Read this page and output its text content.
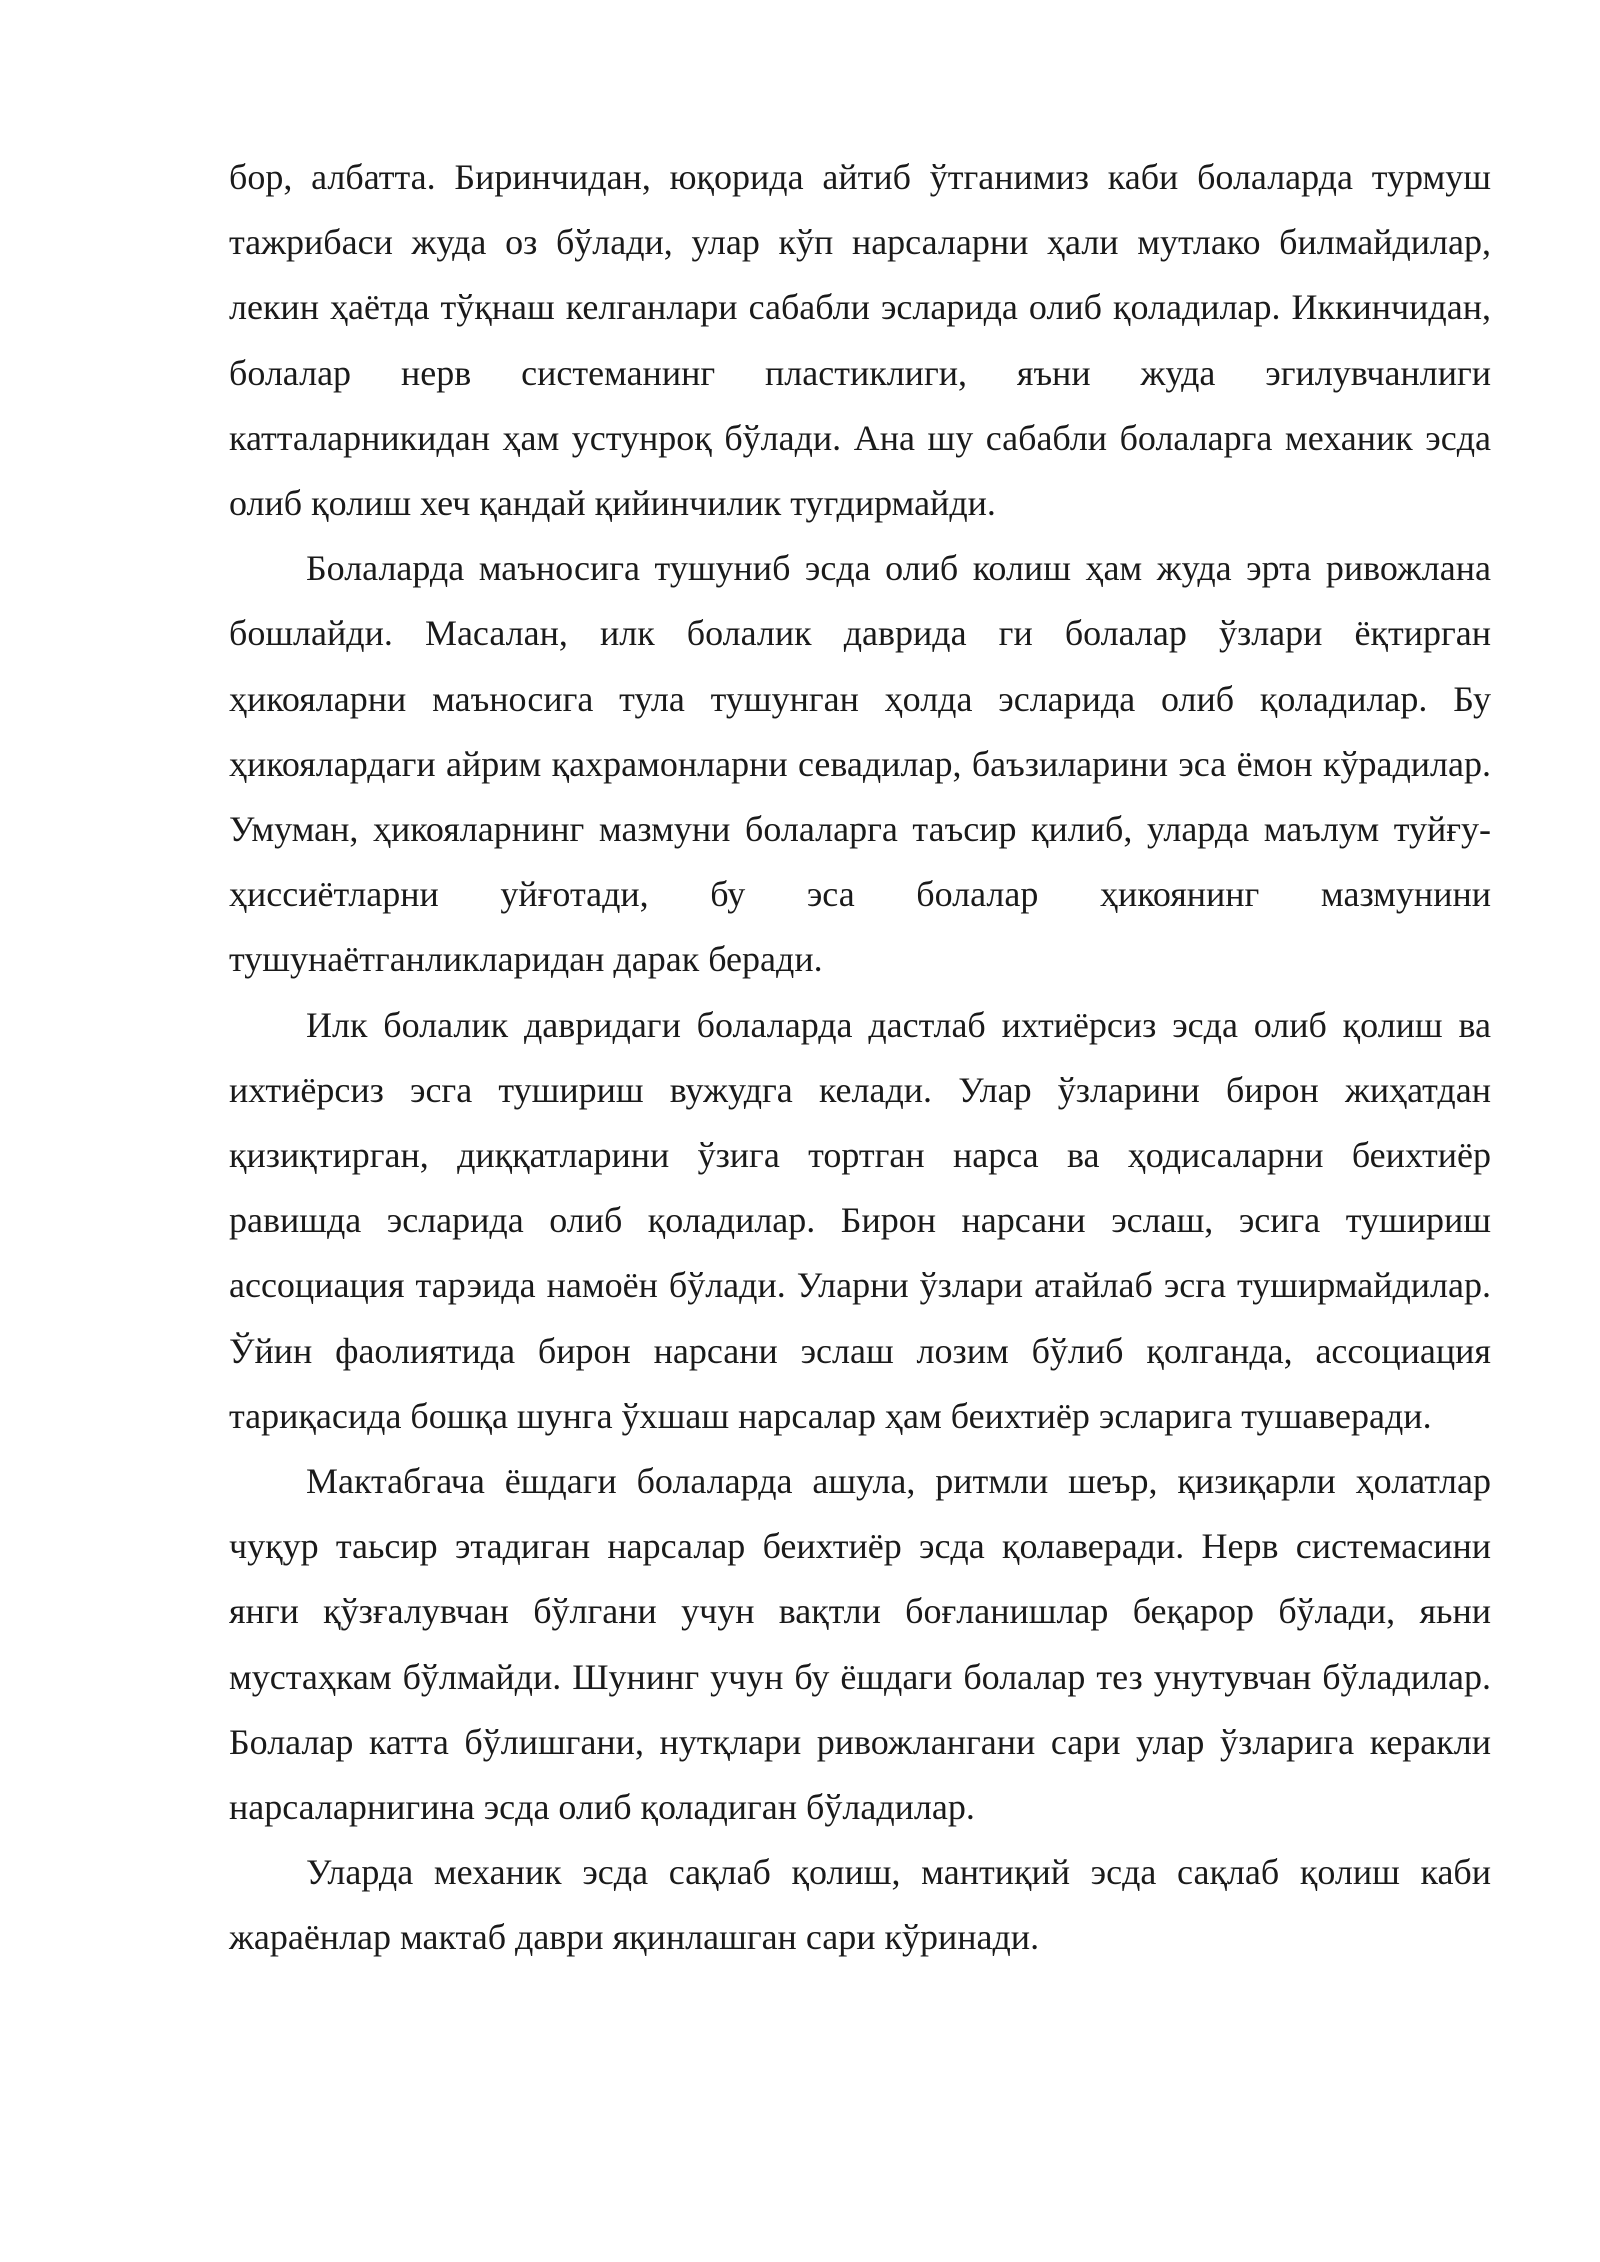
бор, албатта. Биринчидан, юқорида айтиб ўтганимиз каби болаларда турмуш тажрибаси жуда оз бўлади, улар кўп нарсаларни ҳали мутлако билмайдилар, лекин ҳаётда тўқнаш келганлари сабабли эсларида олиб қоладилар. Иккинчидан, болалар нерв системанинг пластиклиги, яъни жуда эгилувчанлиги катталарникидан ҳам устунроқ бўлади. Ана шу сабабли болаларга механик эсда олиб қолиш хеч қандай қийинчилик тугдирмайди.

Болаларда маъносига тушуниб эсда олиб колиш ҳам жуда эрта ривожлана бошлайди. Масалан, илк болалик даврида ги болалар ўзлари ёқтирган ҳикояларни маъносига тула тушунган ҳолда эсларида олиб қоладилар. Бу ҳикоялардаги айрим қахрамонларни севадилар, баъзиларини эса ёмон кўрадилар. Умуман, ҳикояларнинг мазмуни болаларга таъсир қилиб, уларда маълум туйғу-ҳиссиётларни уйғотади, бу эса болалар ҳикоянинг мазмунини тушунаётганликларидан дарак беради.

Илк болалик давридаги болаларда дастлаб ихтиёрсиз эсда олиб қолиш ва ихтиёрсиз эсга тушириш вужудга келади. Улар ўзларини бирон жиҳатдан қизиқтирган, диққатларини ўзига тортган нарса ва ҳодисаларни беихтиёр равишда эсларида олиб қоладилар. Бирон нарсани эслаш, эсига тушириш ассоциация тарэида намоён бўлади. Уларни ўзлари атайлаб эсга туширмайдилар. Ўйин фаолиятида бирон нарсани эслаш лозим бўлиб қолганда, ассоциация тариқасида бошқа шунга ўхшаш нарсалар ҳам беихтиёр эсларига тушаверади.

Мактабгача ёшдаги болаларда ашула, ритмли шеър, қизиқарли ҳолатлар чуқур таьсир этадиган нарсалар беихтиёр эсда қолаверади. Нерв системасини янги қўзғалувчан бўлгани учун вақтли боғланишлар беқарор бўлади, яьни мустаҳкам бўлмайди. Шунинг учун бу ёшдаги болалар тез унутувчан бўладилар. Болалар катта бўлишгани, нутқлари ривожлангани сари улар ўзларига керакли нарсаларнигина эсда олиб қоладиган бўладилар.

Уларда механик эсда сақлаб қолиш, мантиқий эсда сақлаб қолиш каби жараёнлар мактаб даври яқинлашган сари кўринади.
